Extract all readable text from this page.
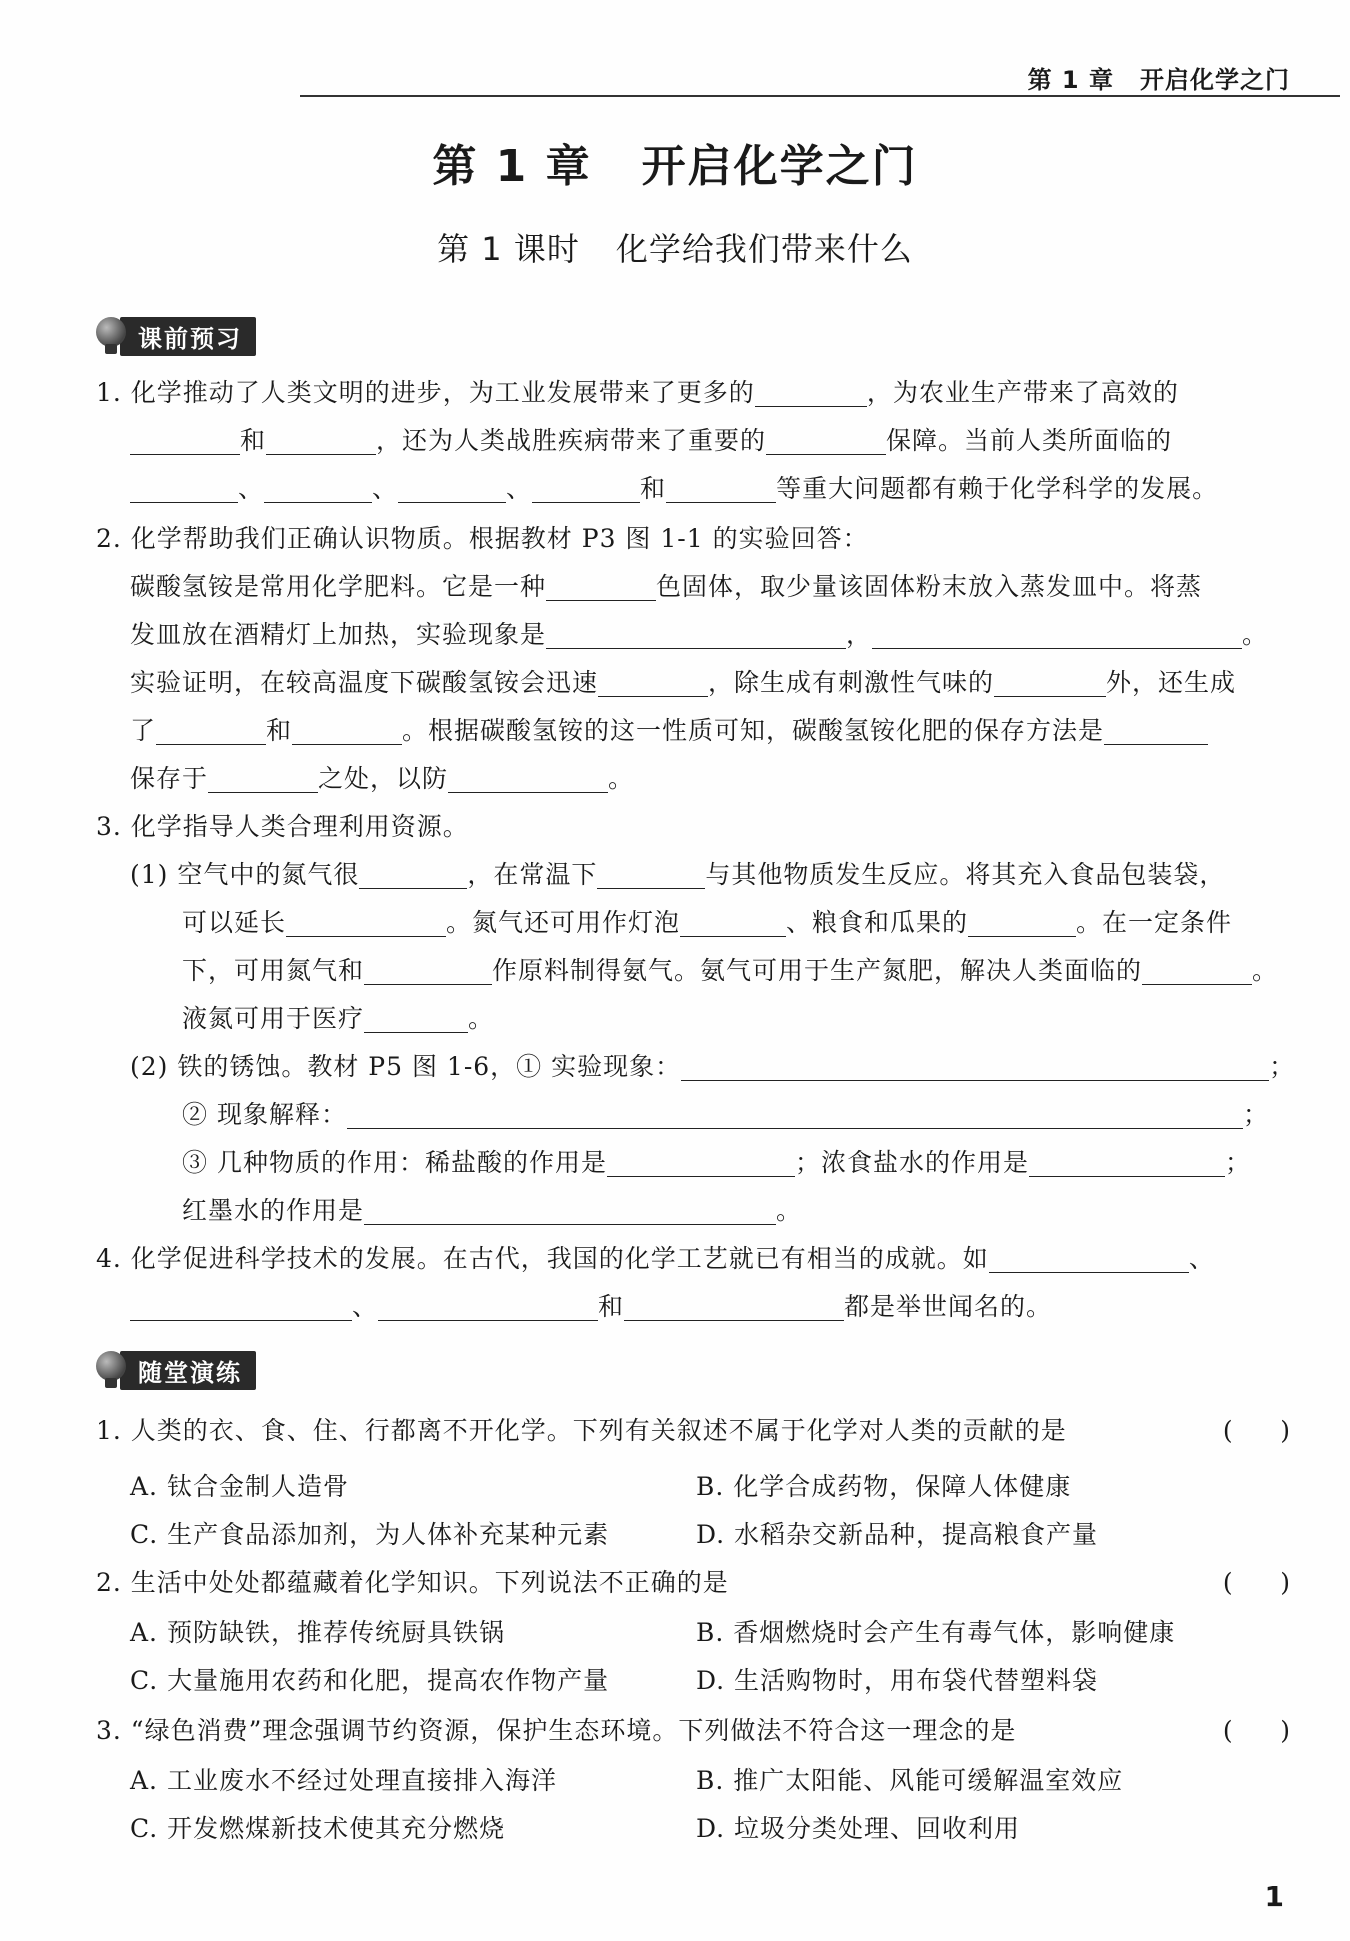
第 1 章 开启化学之门
第 1 章 开启化学之门
第 1 课时 化学给我们带来什么
课前预习
1. 化学推动了人类文明的进步，为工业发展带来了更多的	，为农业生产带来了高效的
和	，还为人类战胜疾病带来了重要的	保障。当前人类所面临的
、	、	、	和	等重大问题都有赖于化学科学的发展。
2. 化学帮助我们正确认识物质。根据教材 P3 图 1-1 的实验回答：
碳酸氢铵是常用化学肥料。它是一种	色固体，取少量该固体粉末放入蒸发皿中。将蒸
发皿放在酒精灯上加热，实验现象是	，	。
实验证明，在较高温度下碳酸氢铵会迅速	，除生成有刺激性气味的	外，还生成
了	和	。根据碳酸氢铵的这一性质可知，碳酸氢铵化肥的保存方法是
保存于	之处，以防	。
3. 化学指导人类合理利用资源。
(1) 空气中的氮气很	，在常温下	与其他物质发生反应。将其充入食品包装袋，
可以延长	。氮气还可用作灯泡	、粮食和瓜果的	。在一定条件
下，可用氮气和	作原料制得氨气。氨气可用于生产氮肥，解决人类面临的	。
液氮可用于医疗	。
(2) 铁的锈蚀。教材 P5 图 1-6，① 实验现象：	；
② 现象解释：	；
③ 几种物质的作用：稀盐酸的作用是	；浓食盐水的作用是	；
红墨水的作用是	。
4. 化学促进科学技术的发展。在古代，我国的化学工艺就已有相当的成就。如	、
、	和	都是举世闻名的。
随堂演练
1. 人类的衣、食、住、行都离不开化学。下列有关叙述不属于化学对人类的贡献的是	(      )
A. 钛合金制人造骨	B. 化学合成药物，保障人体健康
C. 生产食品添加剂，为人体补充某种元素	D. 水稻杂交新品种，提高粮食产量
2. 生活中处处都蕴藏着化学知识。下列说法不正确的是	(      )
A. 预防缺铁，推荐传统厨具铁锅	B. 香烟燃烧时会产生有毒气体，影响健康
C. 大量施用农药和化肥，提高农作物产量	D. 生活购物时，用布袋代替塑料袋
3. “绿色消费”理念强调节约资源，保护生态环境。下列做法不符合这一理念的是	(      )
A. 工业废水不经过处理直接排入海洋	B. 推广太阳能、风能可缓解温室效应
C. 开发燃煤新技术使其充分燃烧	D. 垃圾分类处理、回收利用
1
